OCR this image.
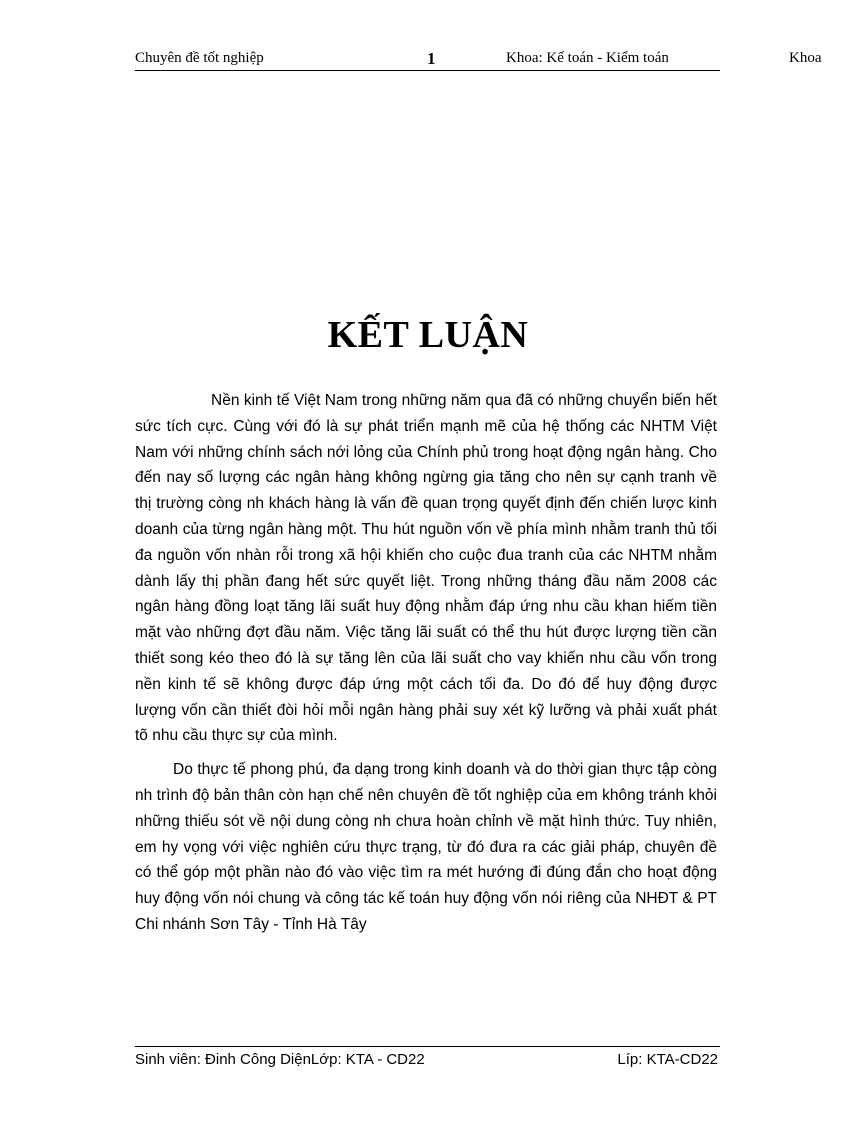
Chuyên đề tốt nghiệp	1	Khoa: Kế toán - Kiểm toán	Khoa
KẾT LUẬN

Nền kinh tế Việt Nam trong những năm qua đã có những chuyển biến hết sức tích cực. Cùng với đó là sự phát triển mạnh mẽ của hệ thống các NHTM Việt Nam với những chính sách nới lỏng của Chính phủ trong hoạt động ngân hàng. Cho đến nay số lượng các ngân hàng không ngừng gia tăng cho nên sự cạnh tranh về thị trường còng nh khách hàng là vấn đề quan trọng quyết định đến chiến lược kinh doanh của từng ngân hàng một. Thu hút nguồn vốn về phía mình nhằm tranh thủ tối đa nguồn vốn nhàn rỗi trong xã hội khiến cho cuộc đua tranh của các NHTM nhằm dành lấy thị phần đang hết sức quyết liệt. Trong những tháng đầu năm 2008 các ngân hàng đồng loạt tăng lãi suất huy động nhằm đáp ứng nhu cầu khan hiếm tiền mặt vào những đợt đầu năm. Việc tăng lãi suất có thể thu hút được lượng tiền cần thiết song kéo theo đó là sự tăng lên của lãi suất cho vay khiến nhu cầu vốn trong nền kinh tế sẽ không được đáp ứng một cách tối đa. Do đó để huy động được lượng vốn cần thiết đòi hỏi mỗi ngân hàng phải suy xét kỹ lưỡng và phải xuất phát tõ nhu cầu thực sự của mình.

Do thực tế phong phú, đa dạng trong kinh doanh và do thời gian thực tập còng nh trình độ bản thân còn hạn chế nên chuyên đề tốt nghiệp của em không tránh khỏi những thiếu sót về nội dung còng nh chưa hoàn chỉnh về mặt hình thức. Tuy nhiên, em hy vọng với việc nghiên cứu thực trạng, từ đó đưa ra các giải pháp, chuyên đề có thể góp một phần nào đó vào việc tìm ra mét hướng đi đúng đắn cho hoạt động huy động vốn nói chung và công tác kế toán huy động vốn nói riêng của NHĐT & PT Chi nhánh Sơn Tây - Tỉnh Hà Tây

Sinh viên: Đinh Công DiệnLớp: KTA - CD22	Líp: KTA-CD22
